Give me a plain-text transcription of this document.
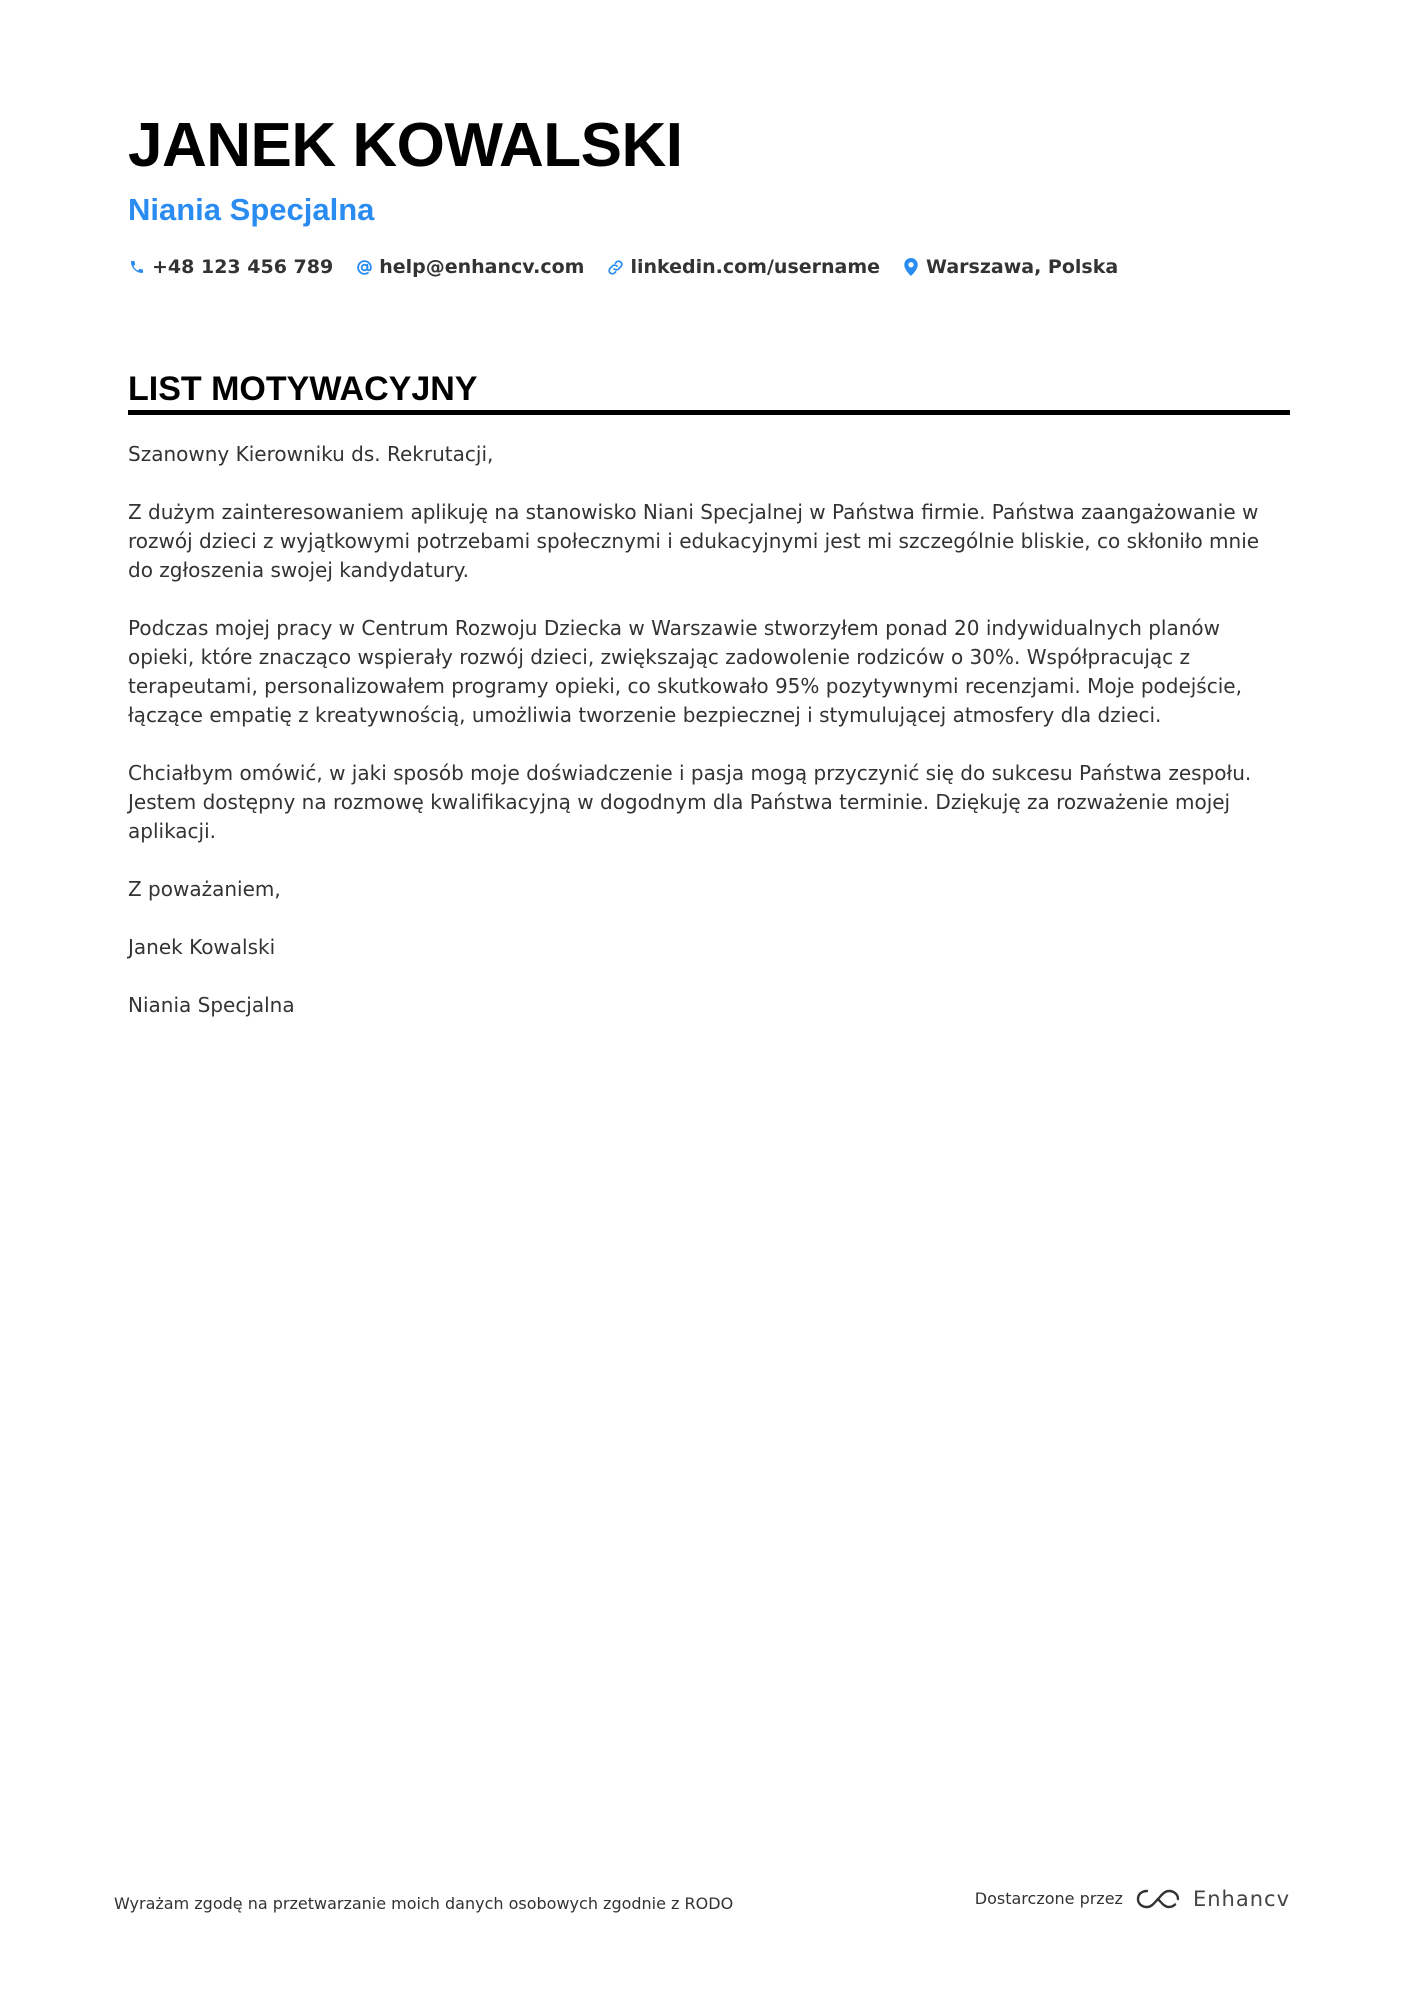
JANEK KOWALSKI
Niania Specjalna
+48 123 456 789 help@enhancv.com linkedin.com/username Warszawa, Polska
LIST MOTYWACYJNY

Szanowny Kierowniku ds. Rekrutacji,

Z dużym zainteresowaniem aplikuję na stanowisko Niani Specjalnej w Państwa firmie. Państwa zaangażowanie w rozwój dzieci z wyjątkowymi potrzebami społecznymi i edukacyjnymi jest mi szczególnie bliskie, co skłoniło mnie do zgłoszenia swojej kandydatury.

Podczas mojej pracy w Centrum Rozwoju Dziecka w Warszawie stworzyłem ponad 20 indywidualnych planów opieki, które znacząco wspierały rozwój dzieci, zwiększając zadowolenie rodziców o 30%. Współpracując z terapeutami, personalizowałem programy opieki, co skutkowało 95% pozytywnymi recenzjami. Moje podejście, łączące empatię z kreatywnością, umożliwia tworzenie bezpiecznej i stymulującej atmosfery dla dzieci.

Chciałbym omówić, w jaki sposób moje doświadczenie i pasja mogą przyczynić się do sukcesu Państwa zespołu. Jestem dostępny na rozmowę kwalifikacyjną w dogodnym dla Państwa terminie. Dziękuję za rozważenie mojej aplikacji.

Z poważaniem,

Janek Kowalski

Niania Specjalna

Wyrażam zgodę na przetwarzanie moich danych osobowych zgodnie z RODO	Dostarczone przez	Enhancv
